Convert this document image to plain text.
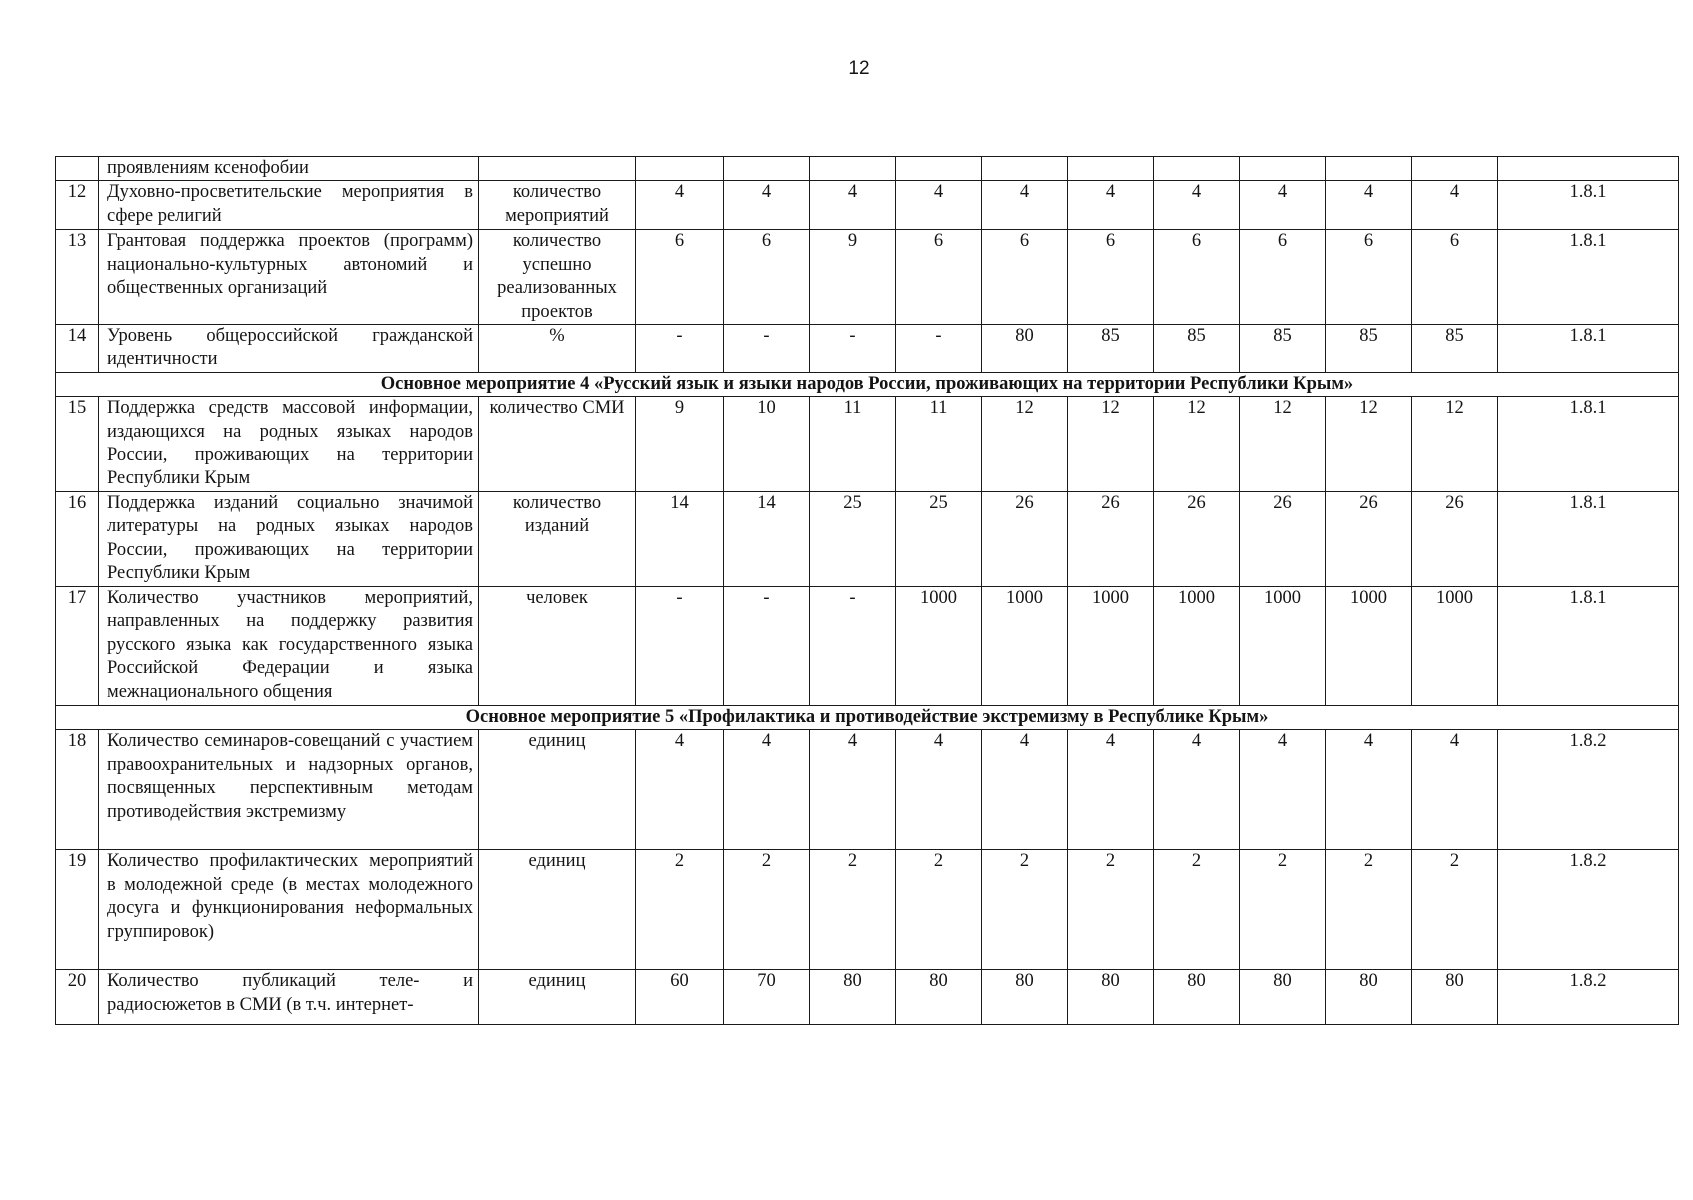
12
	проявлениям ксенофобии												
12	Духовно-просветительские мероприятия в сфере религий	количество мероприятий	4	4	4	4	4	4	4	4	4	4	1.8.1
13	Грантовая поддержка проектов (программ) национально-культурных автономий и общественных организаций	количество успешно реализованных проектов	6	6	9	6	6	6	6	6	6	6	1.8.1
14	Уровень общероссийской гражданской идентичности	%	-	-	-	-	80	85	85	85	85	85	1.8.1
Основное мероприятие 4 «Русский язык и языки народов России, проживающих на территории Республики Крым»													
15	Поддержка средств массовой информации, издающихся на родных языках народов России, проживающих на территории Республики Крым	количество СМИ	9	10	11	11	12	12	12	12	12	12	1.8.1
16	Поддержка изданий социально значимой литературы на родных языках народов России, проживающих на территории Республики Крым	количество изданий	14	14	25	25	26	26	26	26	26	26	1.8.1
17	Количество участников мероприятий, направленных на поддержку развития русского языка как государственного языка Российской Федерации и языка межнационального общения	человек	-	-	-	1000	1000	1000	1000	1000	1000	1000	1.8.1
Основное мероприятие 5 «Профилактика и противодействие экстремизму в Республике Крым»													
18	Количество семинаров-совещаний с участием правоохранительных и надзорных органов, посвященных перспективным методам противодействия экстремизму	единиц	4	4	4	4	4	4	4	4	4	4	1.8.2
19	Количество профилактических мероприятий в молодежной среде (в местах молодежного досуга и функционирования неформальных группировок)	единиц	2	2	2	2	2	2	2	2	2	2	1.8.2
20	Количество публикаций теле- и радиосюжетов в СМИ (в т.ч. интернет-	единиц	60	70	80	80	80	80	80	80	80	80	1.8.2
